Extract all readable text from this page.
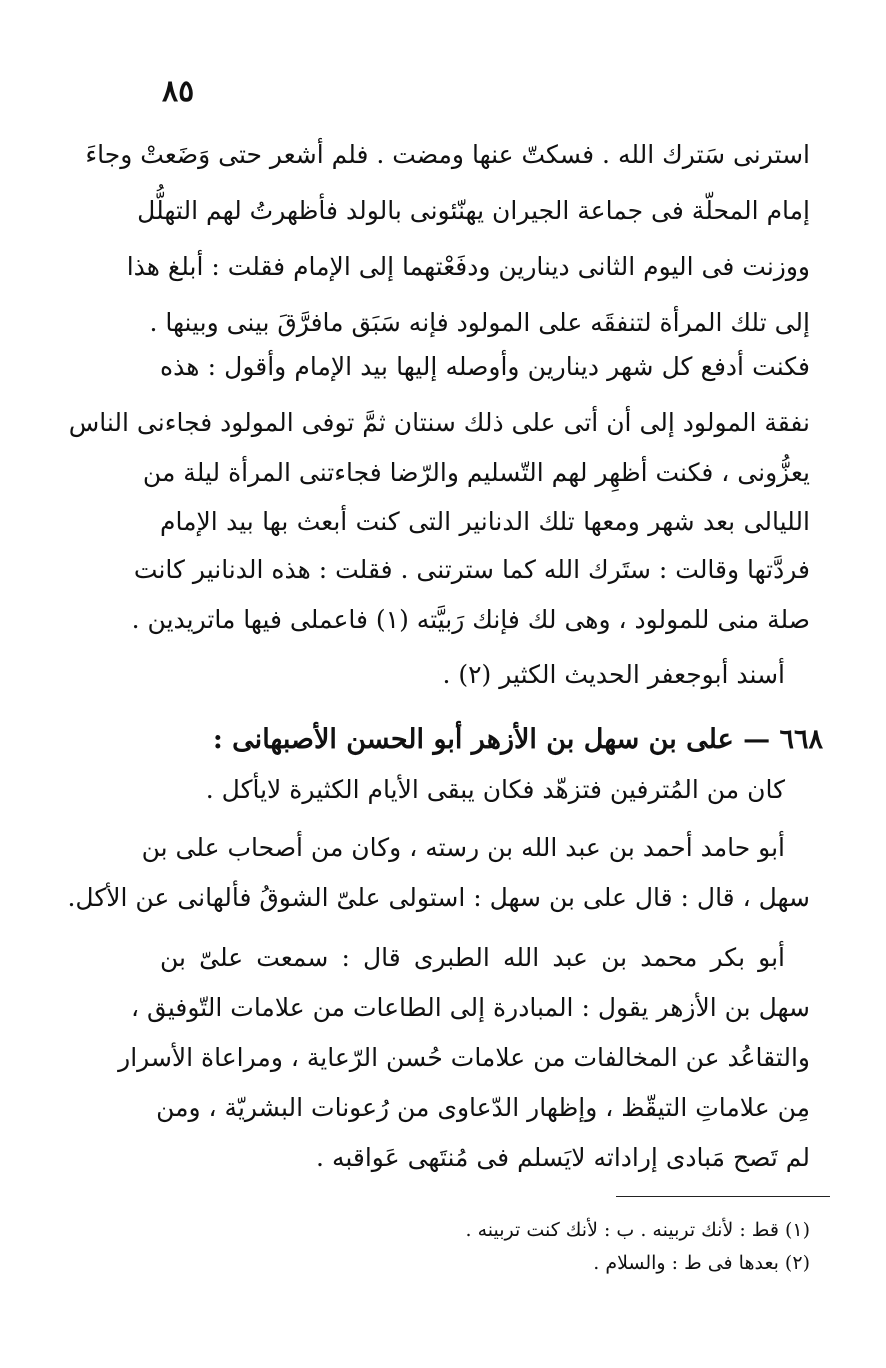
٨٥
استرنى سَترك الله . فسكتّ عنها ومضت . فلم أشعر حتى وَضَعتْ وجاءَ
إمام المحلّة فى جماعة الجيران يهنّئونى بالولد فأظهرتُ لهم التهلُّل
ووزنت فى اليوم الثانى دينارين ودفَعْتهما إلى الإمام فقلت : أبلغ هذا
إلى تلك المرأة لتنفقَه على المولود فإنه سَبَق مافرَّقَ بينى وبينها .
فكنت أدفع كل شهر دينارين وأوصله إليها بيد الإمام وأقول : هذه
نفقة المولود إلى أن أتى على ذلك سنتان ثمَّ توفى المولود فجاءنى الناس
يعزُّونى ، فكنت أظهِر لهم التّسليم والرّضا فجاءتنى المرأة ليلة من
الليالى بعد شهر ومعها تلك الدنانير التى كنت أبعث بها بيد الإمام
فردَّتها وقالت : ستَرك الله كما سترتنى . فقلت : هذه الدنانير كانت
صلة منى للمولود ، وهى لك فإنك رَبيَّته (١) فاعملى فيها ماتريدين .
أسند أبوجعفر الحديث الكثير (٢) .
٦٦٨ — على بن سهل بن الأزهر أبو الحسن الأصبهانى :
كان من المُترفين فتزهّد فكان يبقى الأيام الكثيرة لايأكل .
أبو حامد أحمد بن عبد الله بن رسته ، وكان من أصحاب على بن
سهل ، قال : قال على بن سهل : استولى علىّ الشوقُ فألهانى عن الأكل.
أبو بكر محمد بن عبد الله الطبرى قال : سمعت علىّ بن
سهل بن الأزهر يقول : المبادرة إلى الطاعات من علامات التّوفيق ،
والتقاعُد عن المخالفات من علامات حُسن الرّعاية ، ومراعاة الأسرار
مِن علاماتِ التيقّظ ، وإظهار الدّعاوى من رُعونات البشريّة ، ومن
لم تَصح مَبادى إراداته لايَسلم فى مُنتَهى عَواقبه .
(١) قط : لأنك تربينه . ب : لأنك كنت تربينه .
(٢) بعدها فى ط : والسلام .
